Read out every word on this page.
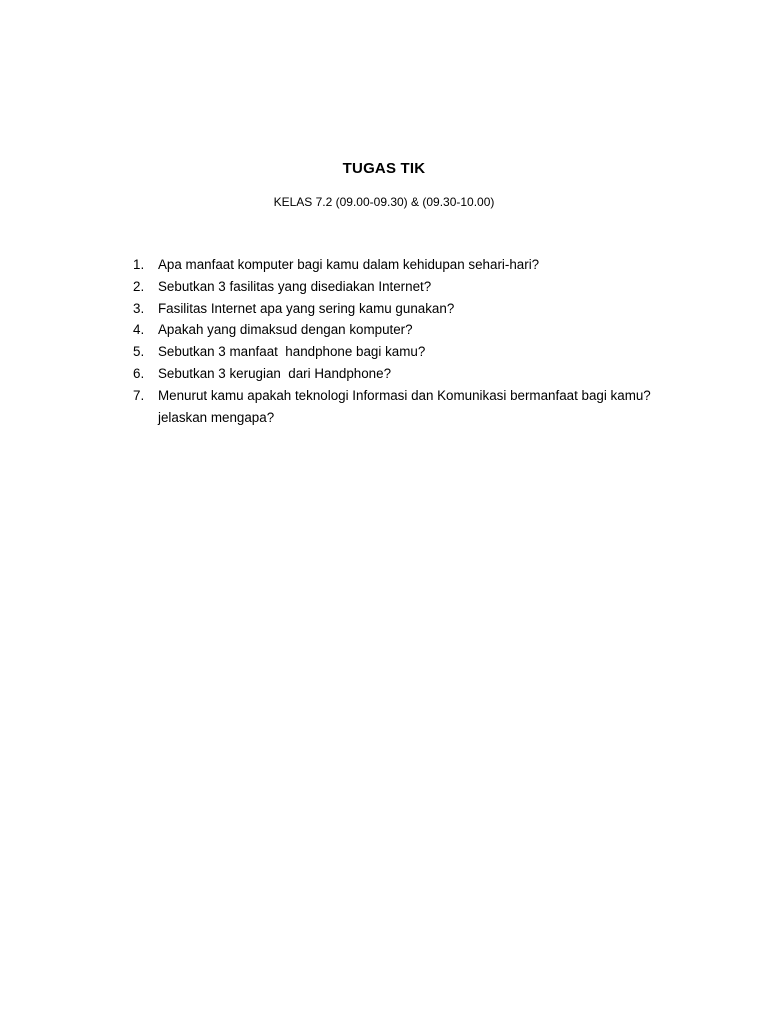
TUGAS TIK
KELAS 7.2 (09.00-09.30) & (09.30-10.00)
1.	Apa manfaat komputer bagi kamu dalam kehidupan sehari-hari?
2.	Sebutkan 3 fasilitas yang disediakan Internet?
3.	Fasilitas Internet apa yang sering kamu gunakan?
4.	Apakah yang dimaksud dengan komputer?
5.	Sebutkan 3 manfaat  handphone bagi kamu?
6.	Sebutkan 3 kerugian  dari Handphone?
7.	Menurut kamu apakah teknologi Informasi dan Komunikasi bermanfaat bagi kamu? jelaskan mengapa?
